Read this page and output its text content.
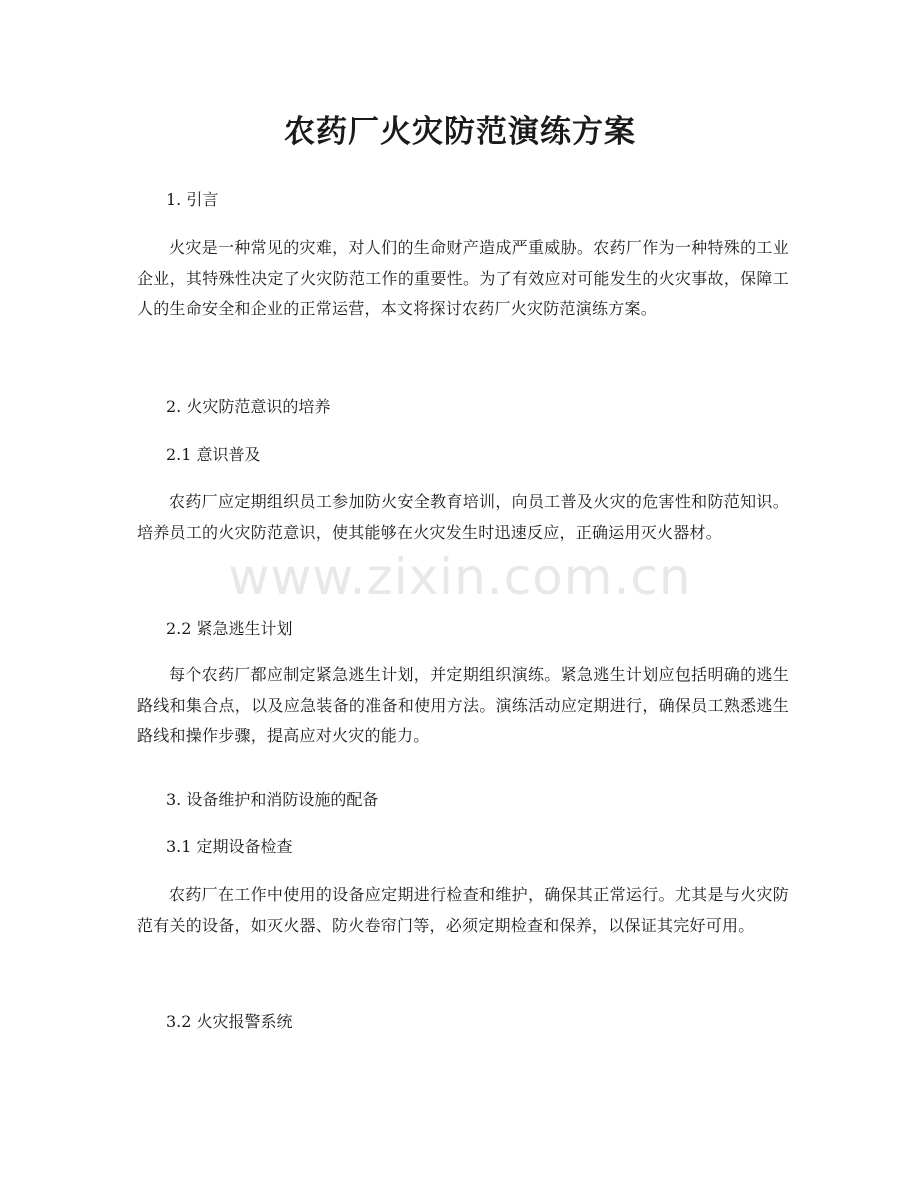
农药厂火灾防范演练方案

1. 引言

火灾是一种常见的灾难，对人们的生命财产造成严重威胁。农药厂作为一种特殊的工业企业，其特殊性决定了火灾防范工作的重要性。为了有效应对可能发生的火灾事故，保障工人的生命安全和企业的正常运营，本文将探讨农药厂火灾防范演练方案。

2. 火灾防范意识的培养

2.1 意识普及

农药厂应定期组织员工参加防火安全教育培训，向员工普及火灾的危害性和防范知识。培养员工的火灾防范意识，使其能够在火灾发生时迅速反应，正确运用灭火器材。

2.2 紧急逃生计划

每个农药厂都应制定紧急逃生计划，并定期组织演练。紧急逃生计划应包括明确的逃生路线和集合点，以及应急装备的准备和使用方法。演练活动应定期进行，确保员工熟悉逃生路线和操作步骤，提高应对火灾的能力。

3. 设备维护和消防设施的配备

3.1 定期设备检查

农药厂在工作中使用的设备应定期进行检查和维护，确保其正常运行。尤其是与火灾防范有关的设备，如灭火器、防火卷帘门等，必须定期检查和保养，以保证其完好可用。

3.2 火灾报警系统

www.zixin.com.cn
